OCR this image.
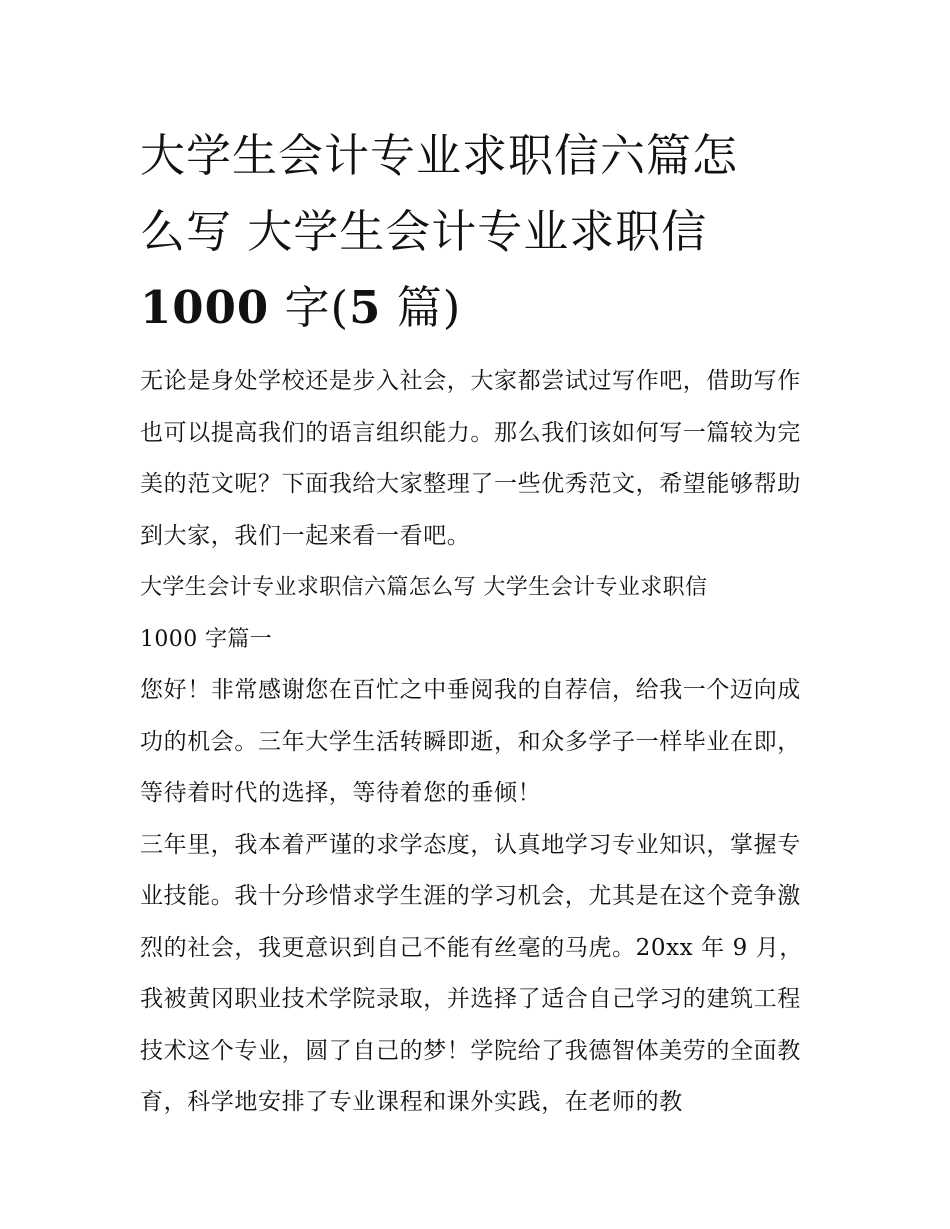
大学生会计专业求职信六篇怎
么写 大学生会计专业求职信
1000 字(5 篇)

无论是身处学校还是步入社会，大家都尝试过写作吧，借助写作也可以提高我们的语言组织能力。那么我们该如何写一篇较为完美的范文呢？下面我给大家整理了一些优秀范文，希望能够帮助到大家，我们一起来看一看吧。

大学生会计专业求职信六篇怎么写 大学生会计专业求职信
1000 字篇一

您好！非常感谢您在百忙之中垂阅我的自荐信，给我一个迈向成功的机会。三年大学生活转瞬即逝，和众多学子一样毕业在即，等待着时代的选择，等待着您的垂倾！

三年里，我本着严谨的求学态度，认真地学习专业知识，掌握专业技能。我十分珍惜求学生涯的学习机会，尤其是在这个竞争激烈的社会，我更意识到自己不能有丝毫的马虎。20xx 年 9 月，我被黄冈职业技术学院录取，并选择了适合自己学习的建筑工程技术这个专业，圆了自己的梦！学院给了我德智体美劳的全面教育，科学地安排了专业课程和课外实践，在老师的教
